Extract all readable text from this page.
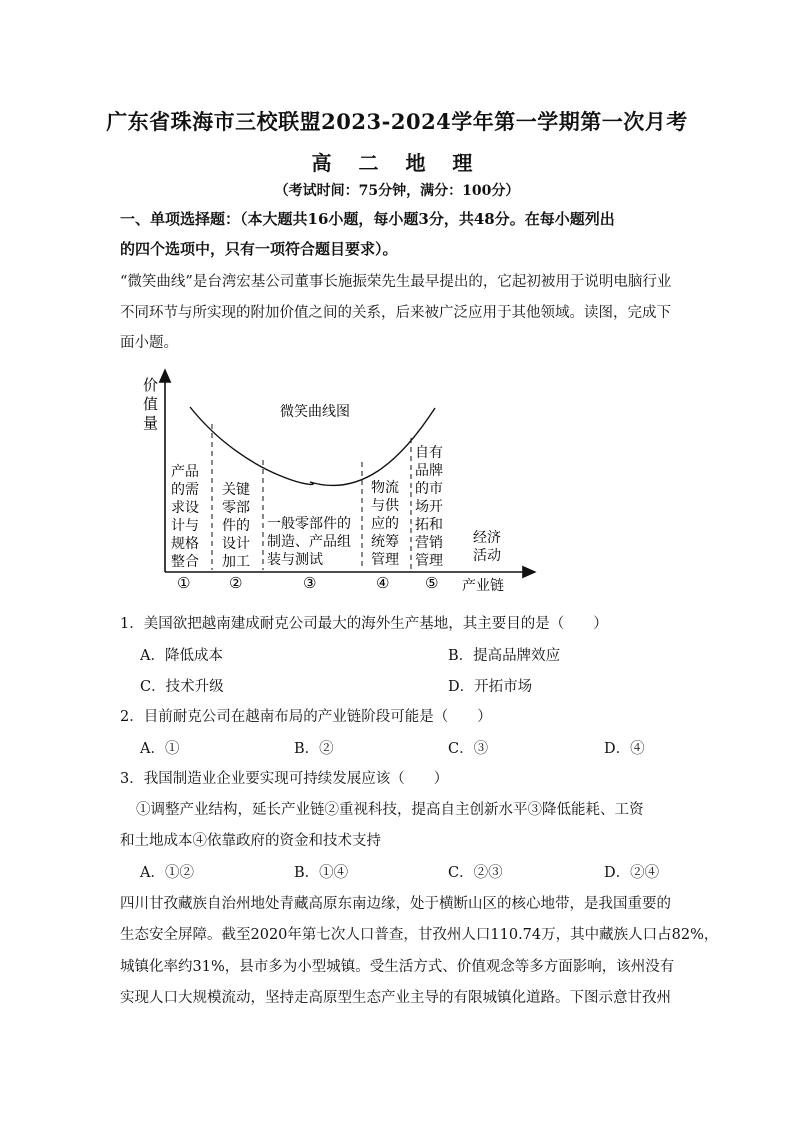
广东省珠海市三校联盟2023-2024学年第一学期第一次月考
高 二 地 理
（考试时间：75分钟，满分：100分）
一、单项选择题：（本大题共16小题，每小题3分，共48分。在每小题列出
的四个选项中，只有一项符合题目要求）。
“微笑曲线”是台湾宏基公司董事长施振荣先生最早提出的，它起初被用于说明电脑行业
不同环节与所实现的附加价值之间的关系，后来被广泛应用于其他领域。读图，完成下
面小题。
价
值
量
微笑曲线图
产品
的需
求设
计与
规格
整合
关键
零部
件的
设计
加工
一般零部件的
制造、产品组
装与测试
物流
与供
应的
统筹
管理
自有
品牌
的市
场开
拓和
营销
管理
经济
活动
①	②	③	④ ⑤ 产业链
1．美国欲把越南建成耐克公司最大的海外生产基地，其主要目的是（　　）
A．降低成本	B．提高品牌效应
C．技术升级	D．开拓市场
2．目前耐克公司在越南布局的产业链阶段可能是（　　）
A．①	B．②	C．③	D．④
3．我国制造业企业要实现可持续发展应该（　　）
①调整产业结构，延长产业链②重视科技，提高自主创新水平③降低能耗、工资
和土地成本④依靠政府的资金和技术支持
A．①②	B．①④	C．②③	D．②④
四川甘孜藏族自治州地处青藏高原东南边缘，处于横断山区的核心地带，是我国重要的
生态安全屏障。截至2020年第七次人口普查，甘孜州人口110.74万，其中藏族人口占82%，
城镇化率约31%，县市多为小型城镇。受生活方式、价值观念等多方面影响，该州没有
实现人口大规模流动，坚持走高原型生态产业主导的有限城镇化道路。下图示意甘孜州
